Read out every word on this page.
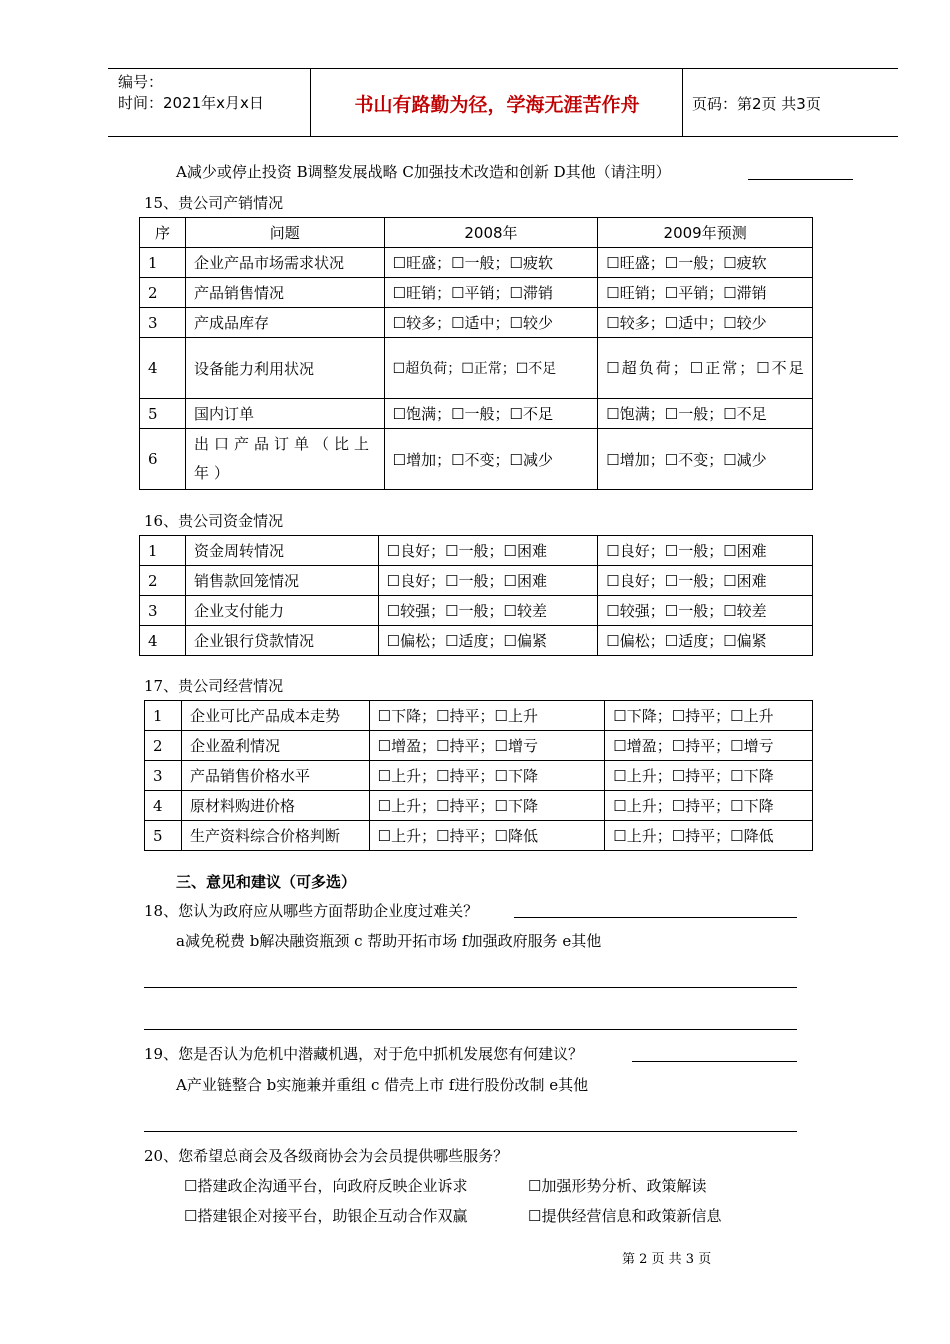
编号：
时间：2021年x月x日	书山有路勤为径，学海无涯苦作舟	页码：第2页 共3页
A减少或停止投资 B调整发展战略 C加强技术改造和创新 D其他（请注明）
15、贵公司产销情况
序	问题	2008年	2009年预测
1	企业产品市场需求状况	☐旺盛；☐一般；☐疲软	☐旺盛；☐一般；☐疲软
2	产品销售情况	☐旺销；☐平销；☐滞销	☐旺销；☐平销；☐滞销
3	产成品库存	☐较多；☐适中；☐较少	☐较多；☐适中；☐较少
4	设备能力利用状况	☐超负荷；☐正常；☐不足	☐超负荷；☐正常；☐不足
5	国内订单	☐饱满；☐一般；☐不足	☐饱满；☐一般；☐不足
6	出口产品订单（比上年）	☐增加；☐不变；☐减少	☐增加；☐不变；☐减少
16、贵公司资金情况
1	资金周转情况	☐良好；☐一般；☐困难	☐良好；☐一般；☐困难
2	销售款回笼情况	☐良好；☐一般；☐困难	☐良好；☐一般；☐困难
3	企业支付能力	☐较强；☐一般；☐较差	☐较强；☐一般；☐较差
4	企业银行贷款情况	☐偏松；☐适度；☐偏紧	☐偏松；☐适度；☐偏紧
17、贵公司经营情况
1	企业可比产品成本走势	☐下降；☐持平；☐上升	☐下降；☐持平；☐上升
2	企业盈利情况	☐增盈；☐持平；☐增亏	☐增盈；☐持平；☐增亏
3	产品销售价格水平	☐上升；☐持平；☐下降	☐上升；☐持平；☐下降
4	原材料购进价格	☐上升；☐持平；☐下降	☐上升；☐持平；☐下降
5	生产资料综合价格判断	☐上升；☐持平；☐降低	☐上升；☐持平；☐降低
三、意见和建议（可多选）
18、您认为政府应从哪些方面帮助企业度过难关？
a减免税费 b解决融资瓶颈 c 帮助开拓市场 f加强政府服务 e其他
19、您是否认为危机中潜藏机遇，对于危中抓机发展您有何建议？
A产业链整合 b实施兼并重组 c 借壳上市 f进行股份改制 e其他
20、您希望总商会及各级商协会为会员提供哪些服务？
☐搭建政企沟通平台，向政府反映企业诉求	☐加强形势分析、政策解读
☐搭建银企对接平台，助银企互动合作双赢	☐提供经营信息和政策新信息
第 2 页 共 3 页
